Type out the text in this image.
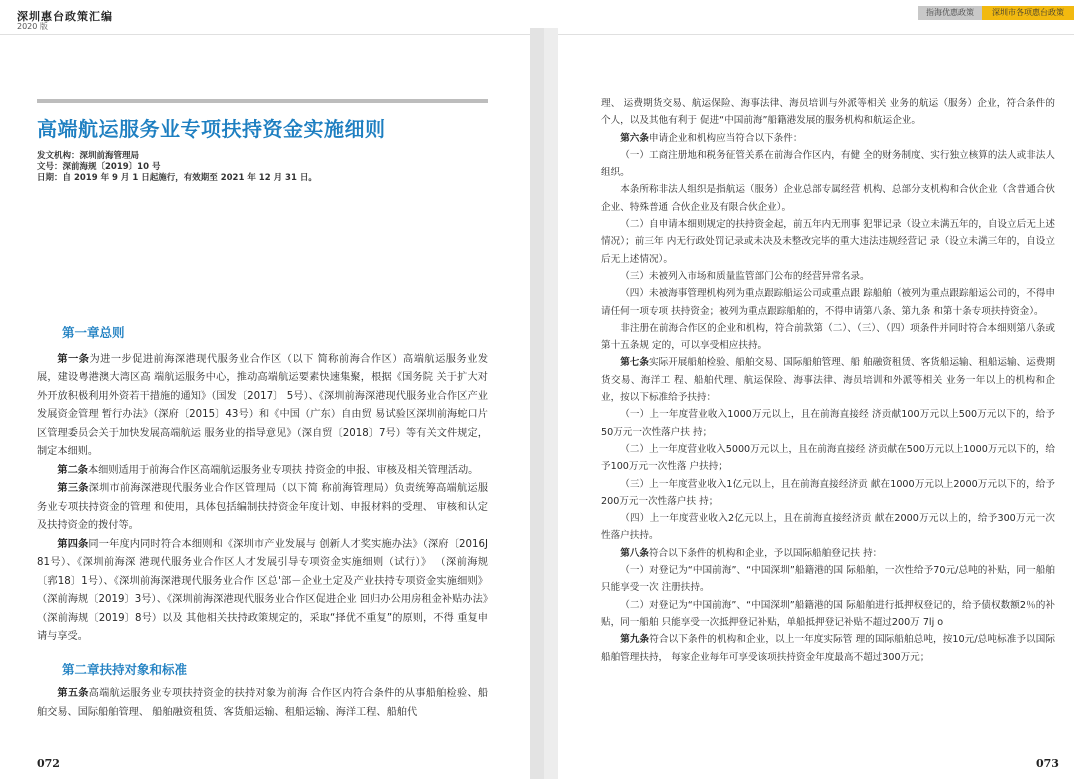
深圳惠台政策汇编
2020 版
指海优惠政策	深圳市各项惠台政策
高端航运服务业专项扶持资金实施细则
发文机构：深圳前海管理局
文号：深前海规〔2019〕10 号
日期：自 2019 年 9 月 1 日起施行，有效期至 2021 年 12 月 31 日。
第一章总则

第一条为进一步促进前海深港现代服务业合作区（以下 简称前海合作区）高端航运服务业发展，建设粤港澳大湾区高 端航运服务中心，推动高端航运要素快速集聚，根据《国务院 关于扩大对外开放积极利用外资若干措施的通知》（国发〔2017〕 5号）、《深圳前海深港现代服务业合作区产业发展资金管理 暂行办法》（深府〔2015〕43号）和《中国（广东）自由贸 易试验区深圳前海蛇口片区管理委员会关于加快发展高端航运 服务业的指导意见》（深自贸〔2018〕7号）等有关文件规定，制定本细则。

第二条本细则适用于前海合作区高端航运服务业专项扶 持资金的申报、审核及相关管理活动。

第三条深圳市前海深港现代服务业合作区管理局（以下简 称前海管理局）负责统筹高端航运服务业专项扶持资金的管理 和使用，具体包括编制扶持资金年度计划、申报材料的受理、 审核和认定及扶持资金的拨付等。

第四条同一年度内同时符合本细则和《深圳市产业发展与 创新人才奖实施办法》（深府〔2016J 81号）、《深圳前海深 港现代服务业合作区人才发展引导专项资金实施细则（试行）》 （深前海规〔郛18〕1号）、《深圳前海深港现代服务业合作 区总'部－企业土定及产业扶持专项资金实施细则》（深前海规〔2019〕3号）、《深圳前海深港现代服务业合作区促进企业 回归办公用房租金补贴办法》（深前海规〔2019〕8号）以及 其他相关扶持政策规定的，采取“择优不重复”的原则，不得 重复申请与享受。

第二章扶持对象和标准

第五条高端航运服务业专项扶持资金的扶持对象为前海 合作区内符合条件的从事船舶检验、船舶交易、国际船舶管理、 船舶融资租赁、客货船运输、租船运输、海洋工程、船舶代

072

理、 运费期货交易、航运保险、海事法律、海员培训与外派等相关 业务的航运（服务）企业，符合条件的个人，以及其他有利于 促进“中国前海”船籍港发展的服务机构和航运企业。

第六条申请企业和机构应当符合以下条件：

（一）工商注册地和税务征管关系在前海合作区内，有健 全的财务制度、实行独立核算的法人或非法人组织。

本条所称非法人组织是指航运（服务）企业总部专属经营 机构、总部分支机构和合伙企业（含普通合伙企业、特殊普通 合伙企业及有限合伙企业）。

（二）自申请本细则规定的扶持资金起，前五年内无刑事 犯罪记录（设立未满五年的，自设立后无上述情况）；前三年 内无行政处罚记录或未决及未整改完毕的重大违法违规经营记 录（设立未满三年的，自设立后无上述情况）。

（三）未被列入市场和质量监管部门公布的经营异常名录。

（四）未被海事管理机构列为重点跟踪船运公司或重点跟 踪船舶（被列为重点跟踪船运公司的，不得申请任何一项专项 扶持资金；被列为重点跟踪船舶的，不得申请第八条、第九条 和第十条专项扶持资金）。

非注册在前海合作区的企业和机构，符合前款第（二）、（三）、（四）项条件并同时符合本细则第八条或第十五条规 定的，可以享受相应扶持。

第七条实际开展船舶检验、船舶交易、国际船舶管理、船 舶融资租赁、客货船运输、租船运输、运费期货交易、海洋工 程、船舶代理、航运保险、海事法律、海员培训和外派等相关 业务一年以上的机构和企业，按以下标准给予扶持：

（一）上一年度营业收入1000万元以上，且在前海直接经 济贡献100万元以上500万元以下的，给予50万元一次性落户扶 持；

（二）上一年度营业收入5000万元以上，且在前海直接经 济贡献在500万元以上1000万元以下的，给予100万元一次性落 户扶持；

（三）上一年度营业收入1亿元以上，且在前海直接经济贡 献在1000万元以上2000万元以下的，给予200万元一次性落户扶 持；

（四）上一年度营业收入2亿元以上，且在前海直接经济贡 献在2000万元以上的，给予300万元一次性落户扶持。

第八条符合以下条件的机构和企业，予以国际船舶登记扶 持：

（一）对登记为“中国前海”、“中国深圳”船籍港的国 际船舶，一次性给予70元/总吨的补贴，同一船舶只能享受一次 注册扶持。

（二）对登记为“中国前海”、“中国深圳”船籍港的国 际船舶进行抵押权登记的，给予债权数额2％的补贴，同一船舶 只能享受一次抵押登记补贴，单船抵押登记补贴不超过200万 7lj o

第九条符合以下条件的机构和企业，以上一年度实际管 理的国际船舶总吨，按10元/总吨标准予以国际船舶管理扶持， 每家企业每年可享受该项扶持资金年度最高不超过300万元；

073
